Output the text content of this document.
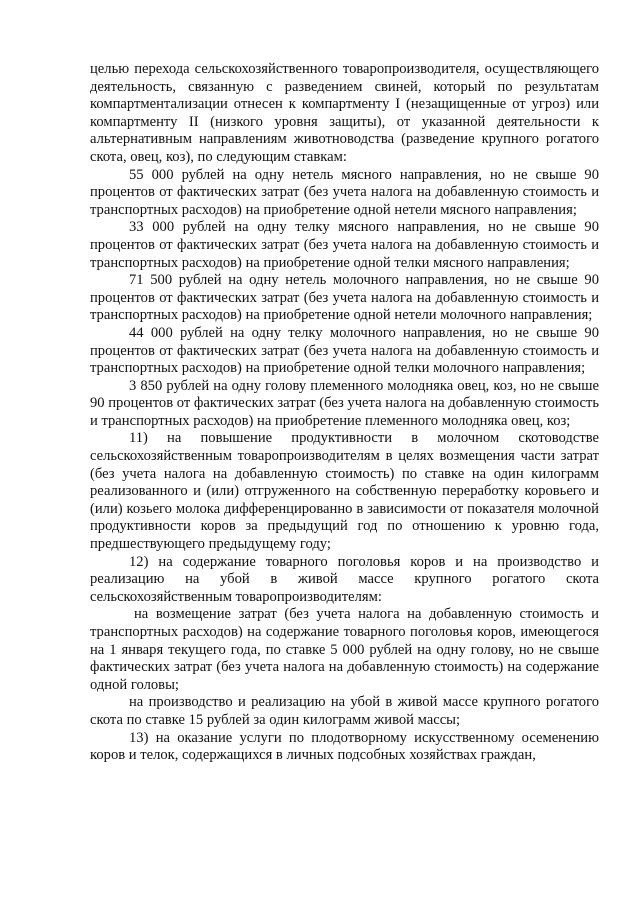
целью перехода сельскохозяйственного товаропроизводителя, осуществляющего деятельность, связанную с разведением свиней, который по результатам компартментализации отнесен к компартменту I (незащищенные от угроз) или компартменту II (низкого уровня защиты), от указанной деятельности к альтернативным направлениям животноводства (разведение крупного рогатого скота, овец, коз), по следующим ставкам:

55 000 рублей на одну нетель мясного направления, но не свыше 90 процентов от фактических затрат (без учета налога на добавленную стоимость и транспортных расходов) на приобретение одной нетели мясного направления;

33 000 рублей на одну телку мясного направления, но не свыше 90 процентов от фактических затрат (без учета налога на добавленную стоимость и транспортных расходов) на приобретение одной телки мясного направления;

71 500 рублей на одну нетель молочного направления, но не свыше 90 процентов от фактических затрат (без учета налога на добавленную стоимость и транспортных расходов) на приобретение одной нетели молочного направления;

44 000 рублей на одну телку молочного направления, но не свыше 90 процентов от фактических затрат (без учета налога на добавленную стоимость и транспортных расходов) на приобретение одной телки молочного направления;

3 850 рублей на одну голову племенного молодняка овец, коз, но не свыше 90 процентов от фактических затрат (без учета налога на добавленную стоимость и транспортных расходов) на приобретение племенного молодняка овец, коз;

11) на повышение продуктивности в молочном скотоводстве сельскохозяйственным товаропроизводителям в целях возмещения части затрат (без учета налога на добавленную стоимость) по ставке на один килограмм реализованного и (или) отгруженного на собственную переработку коровьего и (или) козьего молока дифференцированно в зависимости от показателя молочной продуктивности коров за предыдущий год по отношению к уровню года, предшествующего предыдущему году;

12) на содержание товарного поголовья коров и на производство и реализацию на убой в живой массе крупного рогатого скота сельскохозяйственным товаропроизводителям:

на возмещение затрат (без учета налога на добавленную стоимость и транспортных расходов) на содержание товарного поголовья коров, имеющегося на 1 января текущего года, по ставке 5 000 рублей на одну голову, но не свыше фактических затрат (без учета налога на добавленную стоимость) на содержание одной головы;

на производство и реализацию на убой в живой массе крупного рогатого скота по ставке 15 рублей за один килограмм живой массы;

13) на оказание услуги по плодотворному искусственному осеменению коров и телок, содержащихся в личных подсобных хозяйствах граждан,
